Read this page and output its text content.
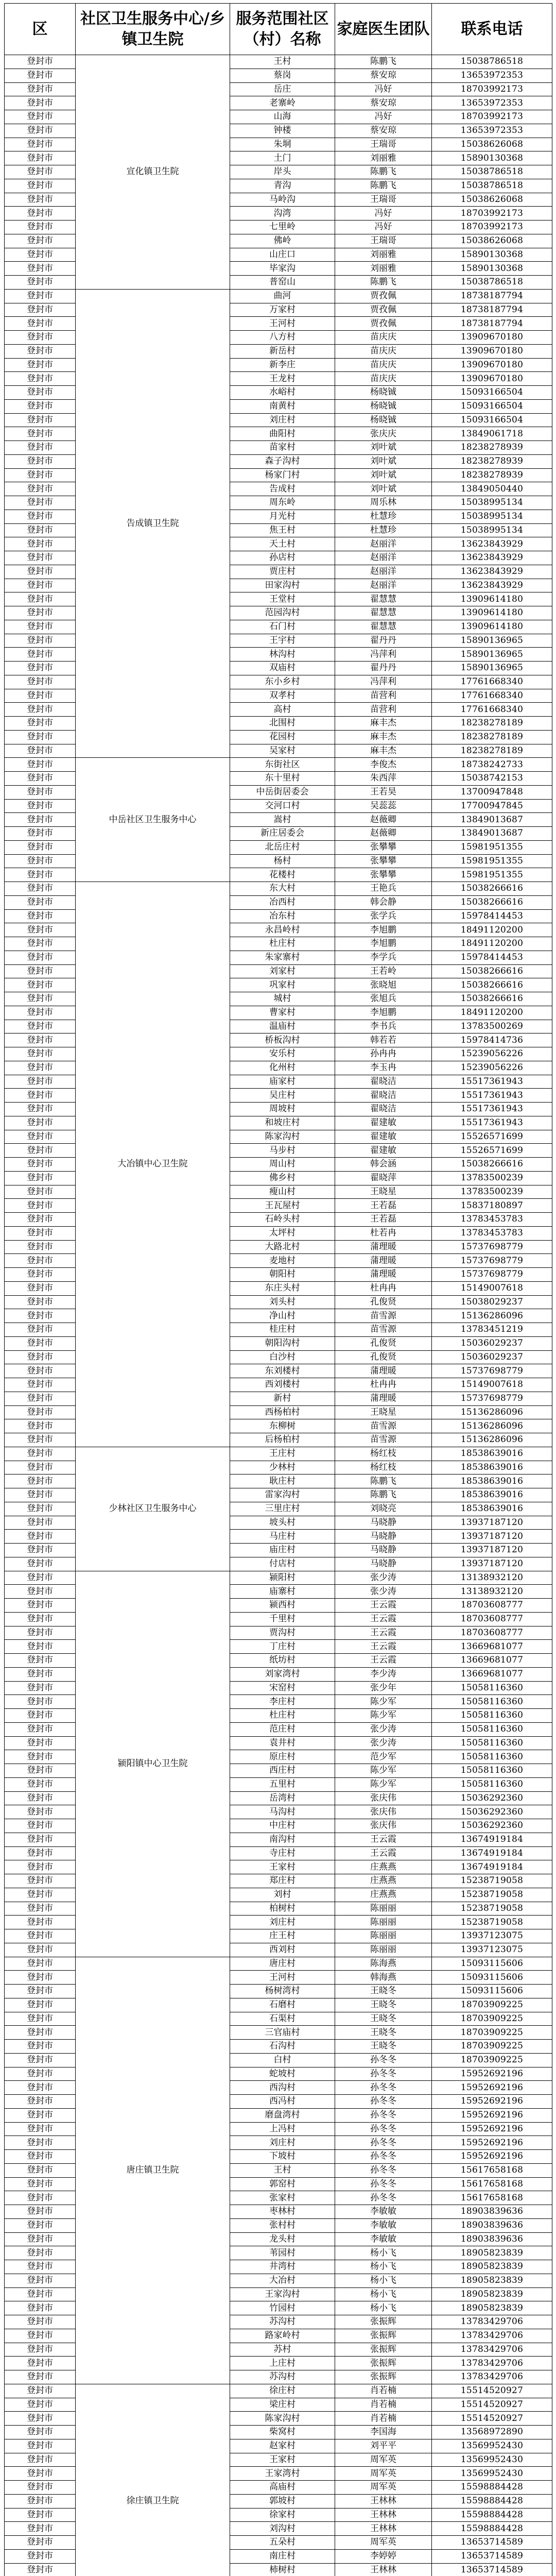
区	社区卫生服务中心/乡镇卫生院	服务范围社区（村）名称	家庭医生团队	联系电话
登封市	宣化镇卫生院	王村	陈鹏飞	15038786518
登封市		蔡岗	蔡安琼	13653972353
登封市		岳庄	冯好	18703992173
登封市		老寨岭	蔡安琼	13653972353
登封市		山海	冯好	18703992173
登封市		钟楼	蔡安琼	13653972353
登封市		朱垌	王瑞哥	15038626068
登封市		土门	刘丽雅	15890130368
登封市		岸头	陈鹏飞	15038786518
登封市		青沟	陈鹏飞	15038786518
登封市		马岭沟	王瑞哥	15038626068
登封市		沟湾	冯好	18703992173
登封市		七里岭	冯好	18703992173
登封市		佛岭	王瑞哥	15038626068
登封市		山庄口	刘丽雅	15890130368
登封市		毕家沟	刘丽雅	15890130368
登封市		普窑山	陈鹏飞	15038786518
登封市	告成镇卫生院	曲河	贾孜佩	18738187794
登封市		万家村	贾孜佩	18738187794
登封市		王河村	贾孜佩	18738187794
登封市		八方村	苗庆庆	13909670180
登封市		新岳村	苗庆庆	13909670180
登封市		新李庄	苗庆庆	13909670180
登封市		王龙村	苗庆庆	13909670180
登封市		水峪村	杨晓铖	15093166504
登封市		南黄村	杨晓铖	15093166504
登封市		刘庄村	杨晓铖	15093166504
登封市		曲阳村	张庆庆	13849061718
登封市		苗家村	刘叶斌	18238278939
登封市		森子沟村	刘叶斌	18238278939
登封市		杨家门村	刘叶斌	18238278939
登封市		告成村	刘叶斌	13849050440
登封市		周东岭	周乐林	15038995134
登封市		月光村	杜慧珍	15038995134
登封市		焦王村	杜慧珍	15038995134
登封市		天土村	赵丽洋	13623843929
登封市		孙店村	赵丽洋	13623843929
登封市		贾庄村	赵丽洋	13623843929
登封市		田家沟村	赵丽洋	13623843929
登封市		王堂村	翟慧慧	13909614180
登封市		范园沟村	翟慧慧	13909614180
登封市		石门村	翟慧慧	13909614180
登封市		王宇村	翟丹丹	15890136965
登封市		林沟村	冯萍利	15890136965
登封市		双庙村	翟丹丹	15890136965
登封市		东小乡村	冯萍利	17761668340
登封市		双孝村	苗营利	17761668340
登封市		高村	苗营利	17761668340
登封市		北围村	麻丰杰	18238278189
登封市		花园村	麻丰杰	18238278189
登封市		吴家村	麻丰杰	18238278189
登封市	中岳社区卫生服务中心	东街社区	李俊杰	18738242733
登封市		东十里村	朱西萍	15038742153
登封市		中岳街居委会	王若昊	13700947848
登封市		交河口村	吴蕊蕊	17700947845
登封市		嵩村	赵薇卿	13849013687
登封市		新庄居委会	赵薇卿	13849013687
登封市		北岳庄村	张攀攀	15981951355
登封市		杨村	张攀攀	15981951355
登封市		花楼村	张攀攀	15981951355
登封市	大冶镇中心卫生院	东大村	王艳兵	15038266616
登封市		冶西村	韩会静	15038266616
登封市		冶东村	张学兵	15978414453
登封市		永昌岭村	李旭鹏	18491120200
登封市		杜庄村	李旭鹏	18491120200
登封市		朱家寨村	李学兵	15978414453
登封市		刘家村	王若岭	15038266616
登封市		巩家村	张晓旭	15038266616
登封市		城村	张旭兵	15038266616
登封市		曹家村	李旭鹏	18491120200
登封市		温庙村	李书兵	13783500269
登封市		桥板沟村	韩若若	15978414736
登封市		安乐村	孙冉冉	15239056226
登封市		化州村	李玉冉	15239056226
登封市		庙家村	翟晓洁	15517361943
登封市		吴庄村	翟晓洁	15517361943
登封市		周坡村	翟晓洁	15517361943
登封市		和坡庄村	翟建敏	15517361943
登封市		陈家沟村	翟建敏	15526571699
登封市		马步村	翟建敏	15526571699
登封市		周山村	韩会涵	15038266616
登封市		佛乡村	翟晓萍	13783500239
登封市		瘦山村	王晓星	13783500239
登封市		王瓦屋村	王若磊	15837180897
登封市		石岭头村	王若磊	13783453783
登封市		太坪村	杜若冉	13783453783
登封市		大路北村	蒲理暖	15737698779
登封市		麦地村	蒲理暖	15737698779
登封市		朝阳村	蒲理暖	15737698779
登封市		东庄头村	杜冉冉	15149007618
登封市		刘头村	孔俊贤	15038029237
登封市		净山村	苗雪源	15136286096
登封市		桂庄村	苗雪源	13783451219
登封市		朝阳沟村	孔俊贤	15036029237
登封市		白沙村	孔俊贤	15036029237
登封市		东刘楼村	蒲理暖	15737698779
登封市		西刘楼村	杜冉冉	15149007618
登封市		新村	蒲理暖	15737698779
登封市		西杨柏村	王晓星	15136286096
登封市		东柳树	苗雪源	15136286096
登封市		后杨柏村	苗雪源	15136286096
登封市	少林社区卫生服务中心	王庄村	杨红枝	18538639016
登封市		少林村	杨红枝	18538639016
登封市		耿庄村	陈鹏飞	18538639016
登封市		雷家沟村	陈鹏飞	18538639016
登封市		三里庄村	刘晓亮	18538639016
登封市		坡头村	马晓静	13937187120
登封市		马庄村	马晓静	13937187120
登封市		庙庄村	马晓静	13937187120
登封市		付店村	马晓静	13937187120
登封市	颍阳镇中心卫生院	颍阳村	张少涛	13138932120
登封市		庙寨村	张少涛	13138932120
登封市		颍西村	王云霞	18703608777
登封市		千里村	王云霞	18703608777
登封市		贾沟村	王云霞	18703608777
登封市		丁庄村	王云霞	13669681077
登封市		纸坊村	王云霞	13669681077
登封市		刘家湾村	李少涛	13669681077
登封市		宋窑村	张少年	15058116360
登封市		李庄村	陈少军	15058116360
登封市		杜庄村	陈少军	15058116360
登封市		范庄村	张少涛	15058116360
登封市		袁井村	张少涛	15058116360
登封市		原庄村	范少军	15058116360
登封市		西庄村	陈少军	15058116360
登封市		五里村	陈少军	15058116360
登封市		岳湾村	张庆伟	15036292360
登封市		马沟村	张庆伟	15036292360
登封市		中庄村	张庆伟	15036292360
登封市		南沟村	王云霞	13674919184
登封市		寺庄村	王云霞	13674919184
登封市		王家村	庄燕燕	13674919184
登封市		郑庄村	庄燕燕	15238719058
登封市		刘村	庄燕燕	15238719058
登封市		柏树村	陈丽丽	15238719058
登封市		刘庄村	陈丽丽	15238719058
登封市		庄王村	陈丽丽	13937123075
登封市		西刘村	陈丽丽	13937123075
登封市	唐庄镇卫生院	唐庄村	陈海燕	15093115606
登封市		王河村	韩海燕	15093115606
登封市		杨树湾村	王晓冬	15093115606
登封市		石磨村	王晓冬	18703909225
登封市		石渠村	王晓冬	18703909225
登封市		三官庙村	王晓冬	18703909225
登封市		石沟村	王晓冬	18703909225
登封市		白村	孙冬冬	18703909225
登封市		蛇坡村	孙冬冬	15952692196
登封市		西沟村	孙冬冬	15952692196
登封市		西冯村	孙冬冬	15952692196
登封市		磨盘湾村	孙冬冬	15952692196
登封市		上冯村	孙冬冬	15952692196
登封市		刘庄村	孙冬冬	15952692196
登封市		下坡村	孙冬冬	15952692196
登封市		王村	孙冬冬	15617658168
登封市		郭窑村	孙冬冬	15617658168
登封市		张家村	孙冬冬	15617658168
登封市		枣林村	李敏敏	18903839636
登封市		张村村	李敏敏	18903839636
登封市		龙头村	李敏敏	18903839636
登封市		苇园村	杨小飞	18905823839
登封市		井湾村	杨小飞	18905823839
登封市		大冶村	杨小飞	18905823839
登封市		王家沟村	杨小飞	18905823839
登封市		竹园村	杨小飞	18905823839
登封市		苏沟村	张振辉	13783429706
登封市		路家岭村	张振辉	13783429706
登封市		苏村	张振辉	13783429706
登封市		上庄村	张振辉	13783429706
登封市		苏沟村	张振辉	13783429706
登封市	徐庄镇卫生院	徐庄村	肖若楠	15514520927
登封市		梁庄村	肖若楠	15514520927
登封市		陈家沟村	肖若楠	15514520927
登封市		柴窝村	李国海	13568972890
登封市		赵家村	刘平平	13569952430
登封市		王家村	周军英	13569952430
登封市		王家湾村	周军英	13569952430
登封市		高庙村	周军英	15598884428
登封市		郭坡村	王林林	15598884428
登封市		徐家村	王林林	15598884428
登封市		刘沟村	王林林	15598884428
登封市		五朵村	周军英	13653714589
登封市		南庄村	李婷婷	13653714589
登封市		柿树村	王林林	13653714589
